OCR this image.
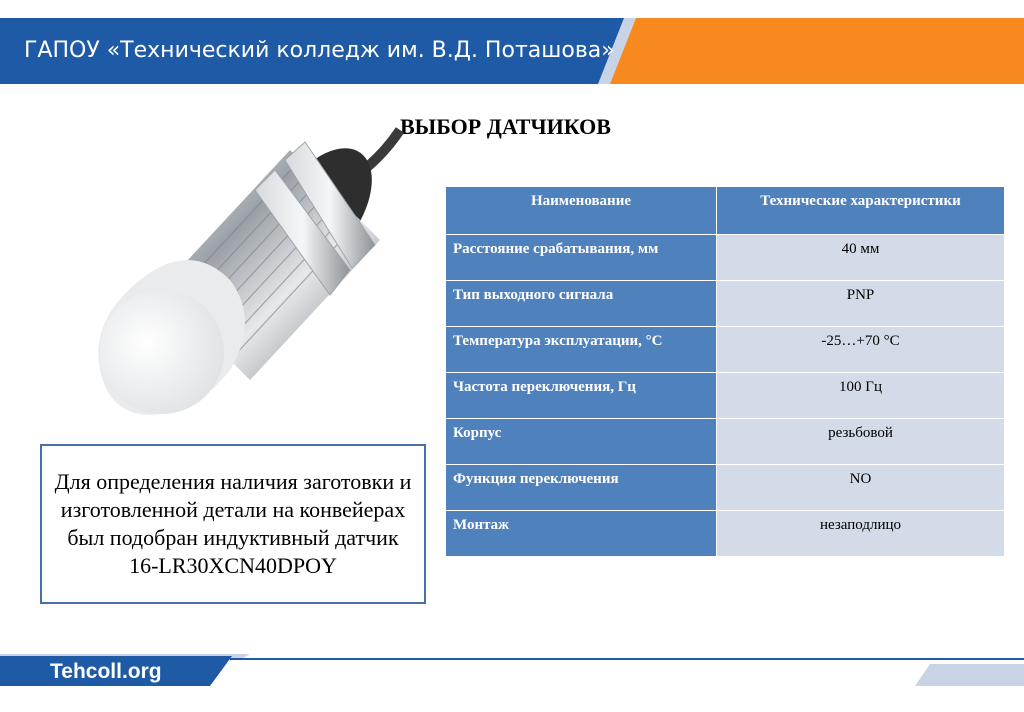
ГАПОУ «Технический колледж им. В.Д. Поташова»
ВЫБОР ДАТЧИКОВ
Для определения наличия заготовки и изготовленной детали на конвейерах был подобран индуктивный датчик 16-LR30XCN40DPOY
Наименование	Технические характеристики
Расстояние срабатывания, мм	40 мм
Тип выходного сигнала	PNP
Температура эксплуатации, °С	-25…+70 °С
Частота переключения, Гц	100 Гц
Корпус	резьбовой
Функция переключения	NO
Монтаж	незаподлицо
Tehcoll.org
